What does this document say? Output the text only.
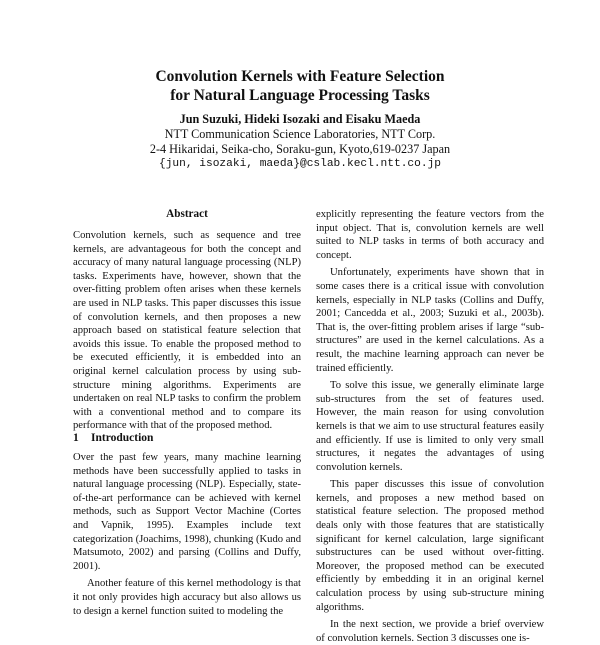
Convolution Kernels with Feature Selection
for Natural Language Processing Tasks
Jun Suzuki, Hideki Isozaki and Eisaku Maeda
NTT Communication Science Laboratories, NTT Corp.
2-4 Hikaridai, Seika-cho, Soraku-gun, Kyoto,619-0237 Japan
{jun, isozaki, maeda}@cslab.kecl.ntt.co.jp
Abstract

Convolution kernels, such as sequence and tree kernels, are advantageous for both the concept and accuracy of many natural language processing (NLP) tasks. Experiments have, however, shown that the over-fitting problem often arises when these kernels are used in NLP tasks. This paper discusses this issue of convolution kernels, and then proposes a new approach based on statistical feature selection that avoids this issue. To enable the proposed method to be executed efficiently, it is embedded into an original kernel calculation process by using sub-structure mining algorithms. Experiments are undertaken on real NLP tasks to confirm the problem with a conventional method and to compare its performance with that of the proposed method.

1 Introduction

Over the past few years, many machine learning methods have been successfully applied to tasks in natural language processing (NLP). Especially, state-of-the-art performance can be achieved with kernel methods, such as Support Vector Machine (Cortes and Vapnik, 1995). Examples include text categorization (Joachims, 1998), chunking (Kudo and Matsumoto, 2002) and parsing (Collins and Duffy, 2001).

Another feature of this kernel methodology is that it not only provides high accuracy but also allows us to design a kernel function suited to modeling the

explicitly representing the feature vectors from the input object. That is, convolution kernels are well suited to NLP tasks in terms of both accuracy and concept.

Unfortunately, experiments have shown that in some cases there is a critical issue with convolution kernels, especially in NLP tasks (Collins and Duffy, 2001; Cancedda et al., 2003; Suzuki et al., 2003b). That is, the over-fitting problem arises if large “sub-structures” are used in the kernel calculations. As a result, the machine learning approach can never be trained efficiently.

To solve this issue, we generally eliminate large sub-structures from the set of features used. However, the main reason for using convolution kernels is that we aim to use structural features easily and efficiently. If use is limited to only very small structures, it negates the advantages of using convolution kernels.

This paper discusses this issue of convolution kernels, and proposes a new method based on statistical feature selection. The proposed method deals only with those features that are statistically significant for kernel calculation, large significant substructures can be used without over-fitting. Moreover, the proposed method can be executed efficiently by embedding it in an original kernel calculation process by using sub-structure mining algorithms.

In the next section, we provide a brief overview of convolution kernels. Section 3 discusses one is-
